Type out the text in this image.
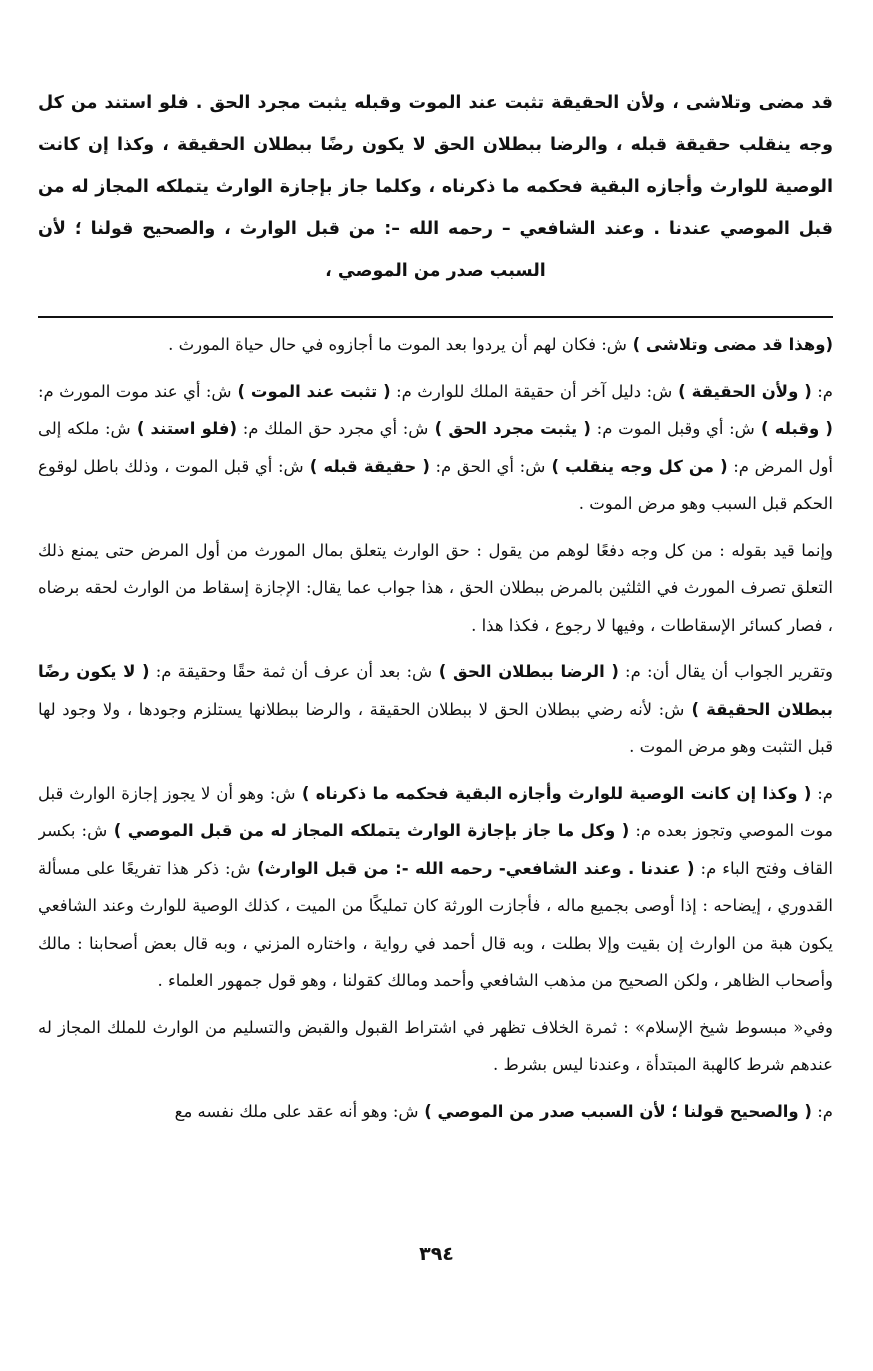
قد مضى وتلاشى ، ولأن الحقيقة تثبت عند الموت وقبله يثبت مجرد الحق . فلو استند من كل وجه ينقلب حقيقة قبله ، والرضا ببطلان الحق لا يكون رضًا ببطلان الحقيقة ، وكذا إن كانت الوصية للوارث وأجازه البقية فحكمه ما ذكرناه ، وكلما جاز بإجازة الوارث يتملكه المجاز له من قبل الموصي عندنا . وعند الشافعي – رحمه الله –: من قبل الوارث ، والصحيح قولنا ؛ لأن السبب صدر من الموصي ،

(وهذا قد مضى وتلاشى ) ش: فكان لهم أن يردوا بعد الموت ما أجازوه في حال حياة المورث .

م: ( ولأن الحقيقة ) ش: دليل آخر أن حقيقة الملك للوارث م: ( تثبت عند الموت ) ش: أي عند موت المورث م: ( وقبله ) ش: أي وقبل الموت م: ( يثبت مجرد الحق ) ش: أي مجرد حق الملك م: (فلو استند ) ش: ملكه إلى أول المرض م: ( من كل وجه ينقلب ) ش: أي الحق م: ( حقيقة قبله ) ش: أي قبل الموت ، وذلك باطل لوقوع الحكم قبل السبب وهو مرض الموت .

وإنما قيد بقوله : من كل وجه دفعًا لوهم من يقول : حق الوارث يتعلق بمال المورث من أول المرض حتى يمنع ذلك التعلق تصرف المورث في الثلثين بالمرض ببطلان الحق ، هذا جواب عما يقال: الإجازة إسقاط من الوارث لحقه برضاه ، فصار كسائر الإسقاطات ، وفيها لا رجوع ، فكذا هذا .

وتقرير الجواب أن يقال أن: م: ( الرضا ببطلان الحق ) ش: بعد أن عرف أن ثمة حقًا وحقيقة م: ( لا يكون رضًا ببطلان الحقيقة ) ش: لأنه رضي ببطلان الحق لا ببطلان الحقيقة ، والرضا ببطلانها يستلزم وجودها ، ولا وجود لها قبل التثبت وهو مرض الموت .

م: ( وكذا إن كانت الوصية للوارث وأجازه البقية فحكمه ما ذكرناه ) ش: وهو أن لا يجوز إجازة الوارث قبل موت الموصي وتجوز بعده م: ( وكل ما جاز بإجازة الوارث يتملكه المجاز له من قبل الموصي ) ش: بكسر القاف وفتح الباء م: ( عندنا . وعند الشافعي- رحمه الله -: من قبل الوارث) ش: ذكر هذا تفريعًا على مسألة القدوري ، إيضاحه : إذا أوصى بجميع ماله ، فأجازت الورثة كان تمليكًا من الميت ، كذلك الوصية للوارث وعند الشافعي يكون هبة من الوارث إن بقيت وإلا بطلت ، وبه قال أحمد في رواية ، واختاره المزني ، وبه قال بعض أصحابنا : مالك وأصحاب الظاهر ، ولكن الصحيح من مذهب الشافعي وأحمد ومالك كقولنا ، وهو قول جمهور العلماء .

وفي« مبسوط شيخ الإسلام» : ثمرة الخلاف تظهر في اشتراط القبول والقبض والتسليم من الوارث للملك المجاز له عندهم شرط كالهبة المبتدأة ، وعندنا ليس بشرط .

م: ( والصحيح قولنا ؛ لأن السبب صدر من الموصي ) ش: وهو أنه عقد على ملك نفسه مع

٣٩٤
